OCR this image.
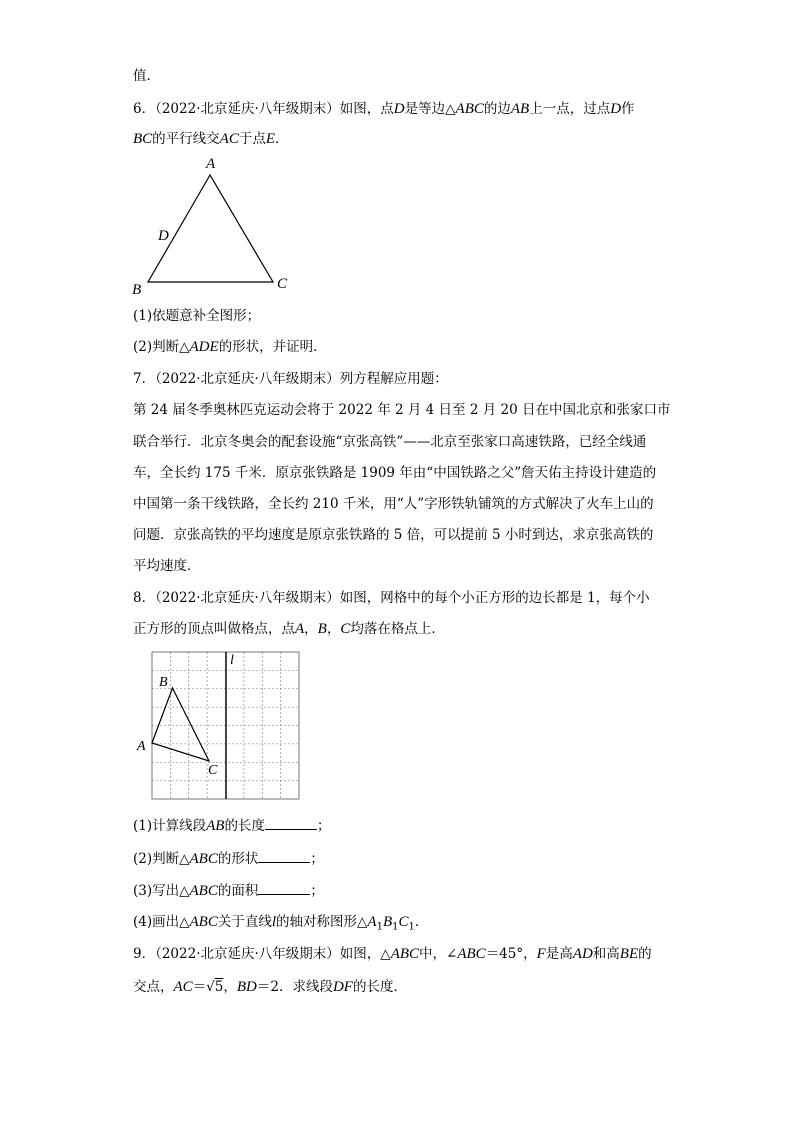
值．
6．（2022·北京延庆·八年级期末）如图，点D是等边△ABC的边AB上一点，过点D作
BC的平行线交AC于点E．
A
B	C
D
(1)依题意补全图形；
(2)判断△ADE的形状，并证明．
7．（2022·北京延庆·八年级期末）列方程解应用题：
第 24 届冬季奥林匹克运动会将于 2022 年 2 月 4 日至 2 月 20 日在中国北京和张家口市
联合举行．北京冬奥会的配套设施“京张高铁”——北京至张家口高速铁路，已经全线通
车，全长约 175 千米．原京张铁路是 1909 年由“中国铁路之父”詹天佑主持设计建造的
中国第一条干线铁路，全长约 210 千米，用“人”字形铁轨铺筑的方式解决了火车上山的
问题．京张高铁的平均速度是原京张铁路的 5 倍，可以提前 5 小时到达，求京张高铁的
平均速度．
8．（2022·北京延庆·八年级期末）如图，网格中的每个小正方形的边长都是 1，每个小
正方形的顶点叫做格点，点A，B，C均落在格点上．
l
B
A
C
(1)计算线段AB的长度	；
(2)判断△ABC的形状	；
(3)写出△ABC的面积	；
(4)画出△ABC关于直线l的轴对称图形$\triangle A_1B_1C_1$．
9．（2022·北京延庆·八年级期末）如图，△ABC中，∠ABC＝45°，F是高AD和高BE的
交点，AC＝√5，BD＝2．求线段DF的长度．
